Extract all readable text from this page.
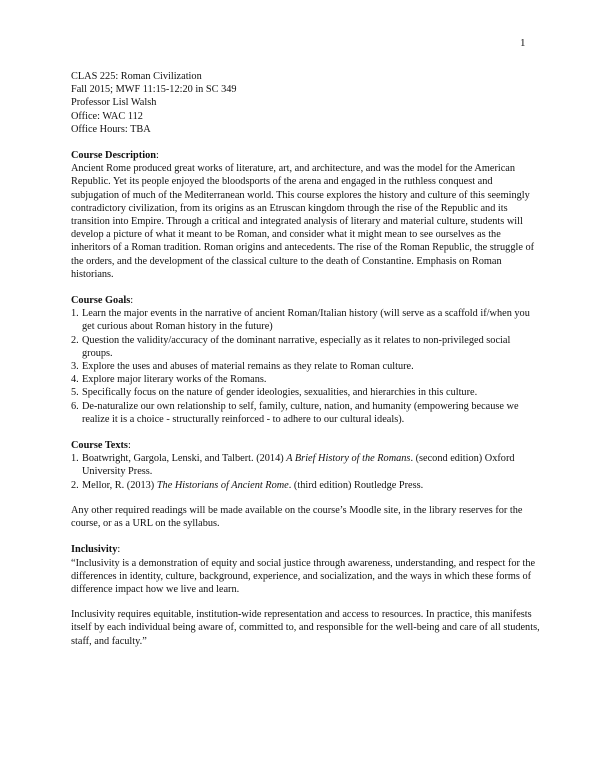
1
CLAS 225: Roman Civilization
Fall 2015; MWF 11:15-12:20 in SC 349
Professor Lisl Walsh
Office: WAC 112
Office Hours: TBA
Course Description:

Ancient Rome produced great works of literature, art, and architecture, and was the model for the American Republic. Yet its people enjoyed the bloodsports of the arena and engaged in the ruthless conquest and subjugation of much of the Mediterranean world. This course explores the history and culture of this seemingly contradictory civilization, from its origins as an Etruscan kingdom through the rise of the Republic and its transition into Empire. Through a critical and integrated analysis of literary and material culture, students will develop a picture of what it meant to be Roman, and consider what it might mean to see ourselves as the inheritors of a Roman tradition. Roman origins and antecedents. The rise of the Roman Republic, the struggle of the orders, and the development of the classical culture to the death of Constantine. Emphasis on Roman historians.

Course Goals:
1. Learn the major events in the narrative of ancient Roman/Italian history (will serve as a scaffold if/when you get curious about Roman history in the future)
2. Question the validity/accuracy of the dominant narrative, especially as it relates to non-privileged social groups.
3. Explore the uses and abuses of material remains as they relate to Roman culture.
4. Explore major literary works of the Romans.
5. Specifically focus on the nature of gender ideologies, sexualities, and hierarchies in this culture.
6. De-naturalize our own relationship to self, family, culture, nation, and humanity (empowering because we realize it is a choice - structurally reinforced - to adhere to our cultural ideals).
Course Texts:
1. Boatwright, Gargola, Lenski, and Talbert. (2014) A Brief History of the Romans. (second edition) Oxford University Press.
2. Mellor, R. (2013) The Historians of Ancient Rome. (third edition) Routledge Press.

Any other required readings will be made available on the course’s Moodle site, in the library reserves for the course, or as a URL on the syllabus.

Inclusivity:

“Inclusivity is a demonstration of equity and social justice through awareness, understanding, and respect for the differences in identity, culture, background, experience, and socialization, and the ways in which these forms of difference impact how we live and learn.

Inclusivity requires equitable, institution-wide representation and access to resources. In practice, this manifests itself by each individual being aware of, committed to, and responsible for the well-being and care of all students, staff, and faculty.”
